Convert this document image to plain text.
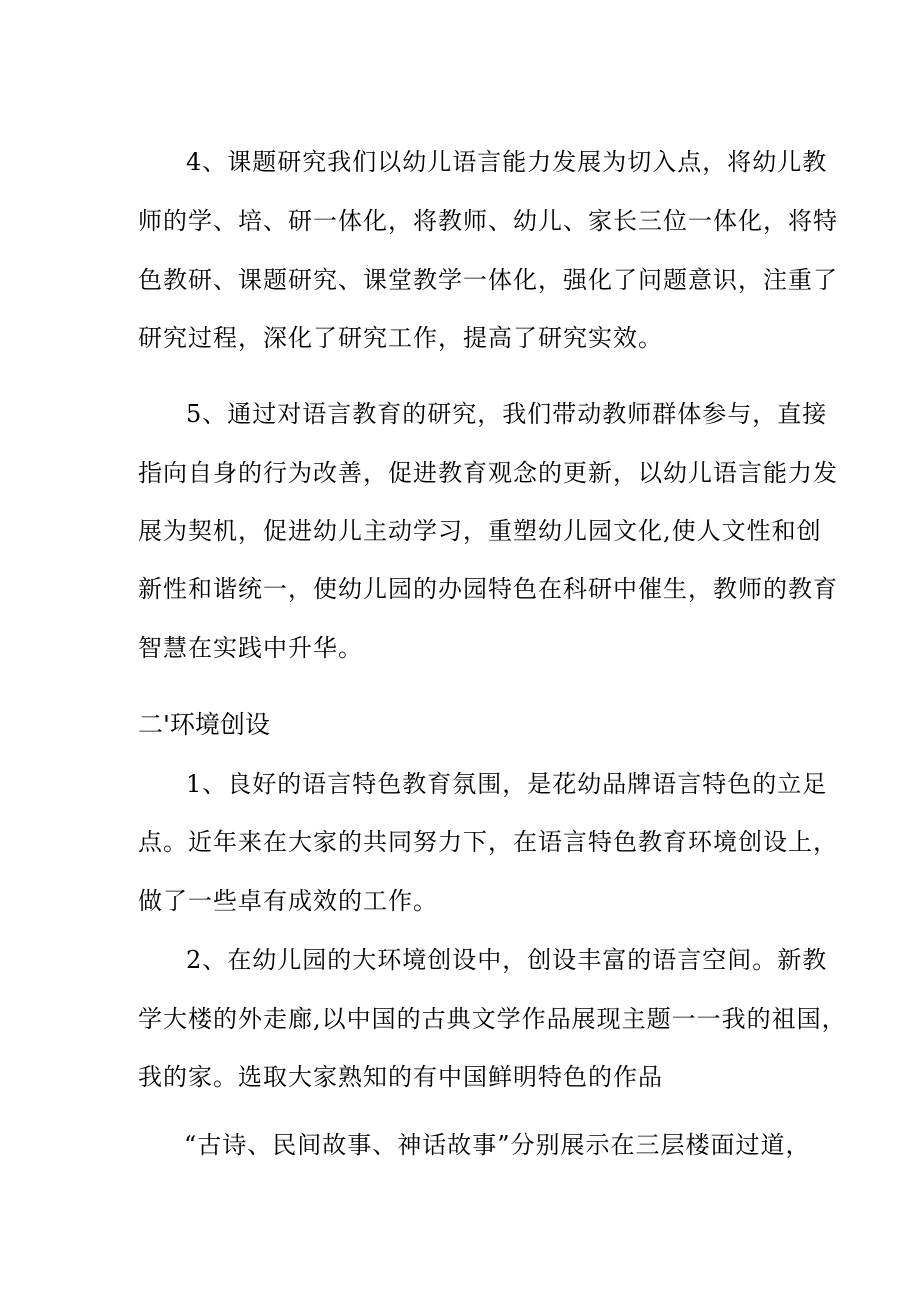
4、课题研究我们以幼儿语言能力发展为切入点，将幼儿教
师的学、培、研一体化，将教师、幼儿、家长三位一体化，将特
色教研、课题研究、课堂教学一体化，强化了问题意识，注重了
研究过程，深化了研究工作，提高了研究实效。
5、通过对语言教育的研究，我们带动教师群体参与，直接
指向自身的行为改善，促进教育观念的更新，以幼儿语言能力发
展为契机，促进幼儿主动学习，重塑幼儿园文化,使人文性和创
新性和谐统一，使幼儿园的办园特色在科研中催生，教师的教育
智慧在实践中升华。
二'环境创设
1、良好的语言特色教育氛围，是花幼品牌语言特色的立足
点。近年来在大家的共同努力下，在语言特色教育环境创设上，
做了一些卓有成效的工作。
2、在幼儿园的大环境创设中，创设丰富的语言空间。新教
学大楼的外走廊,以中国的古典文学作品展现主题一一我的祖国，
我的家。选取大家熟知的有中国鲜明特色的作品
“古诗、民间故事、神话故事”分别展示在三层楼面过道，
